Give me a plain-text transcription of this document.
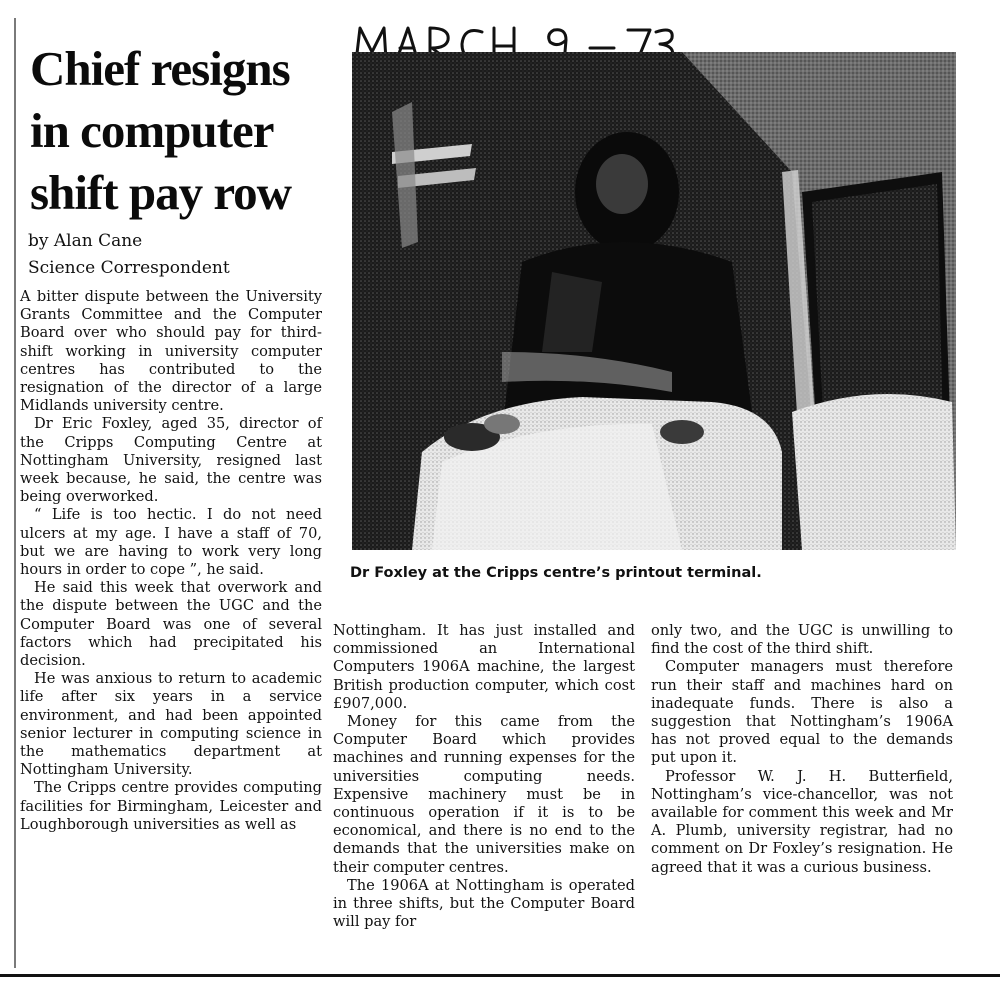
Chief resigns in computer shift pay row
by Alan Cane
Science Correspondent

A bitter dispute between the University Grants Committee and the Computer Board over who should pay for third-shift working in university computer centres has contributed to the resignation of the director of a large Midlands university centre.

Dr Eric Foxley, aged 35, director of the Cripps Computing Centre at Nottingham University, resigned last week because, he said, the centre was being overworked.

“ Life is too hectic. I do not need ulcers at my age. I have a staff of 70, but we are having to work very long hours in order to cope ”, he said.

He said this week that overwork and the dispute between the UGC and the Computer Board was one of several factors which had precipitated his decision.

He was anxious to return to academic life after six years in a service environment, and had been appointed senior lecturer in computing science in the mathematics department at Nottingham University.

The Cripps centre provides computing facilities for Birmingham, Leicester and Loughborough universities as well as

Dr Foxley at the Cripps centre’s printout terminal.

Nottingham. It has just installed and commissioned an International Computers 1906A machine, the largest British production computer, which cost £907,000.

Money for this came from the Computer Board which provides machines and running expenses for the universities computing needs. Expensive machinery must be in continuous operation if it is to be economical, and there is no end to the demands that the universities make on their computer centres.

The 1906A at Nottingham is operated in three shifts, but the Computer Board will pay for

only two, and the UGC is unwilling to find the cost of the third shift.

Computer managers must therefore run their staff and machines hard on inadequate funds. There is also a suggestion that Nottingham’s 1906A has not proved equal to the demands put upon it.

Professor W. J. H. Butterfield, Nottingham’s vice-chancellor, was not available for comment this week and Mr A. Plumb, university registrar, had no comment on Dr Foxley’s resignation. He agreed that it was a curious business.
